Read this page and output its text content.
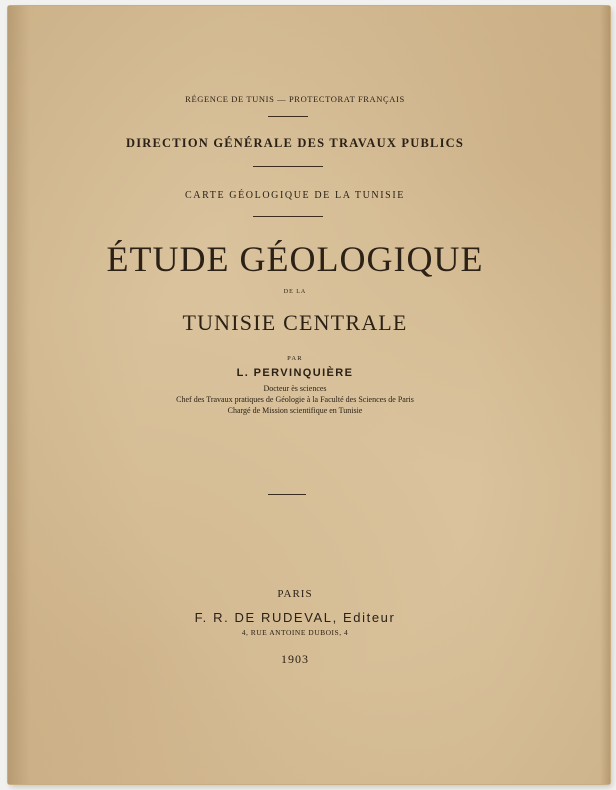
RÉGENCE DE TUNIS — PROTECTORAT FRANÇAIS
DIRECTION GÉNÉRALE DES TRAVAUX PUBLICS
CARTE GÉOLOGIQUE DE LA TUNISIE
ÉTUDE GÉOLOGIQUE
DE LA
TUNISIE CENTRALE
PAR
L. PERVINQUIÈRE
Docteur ès sciences
Chef des Travaux pratiques de Géologie à la Faculté des Sciences de Paris
Chargé de Mission scientifique en Tunisie
PARIS
F. R. DE RUDEVAL, Editeur
4, RUE ANTOINE DUBOIS, 4
1903
